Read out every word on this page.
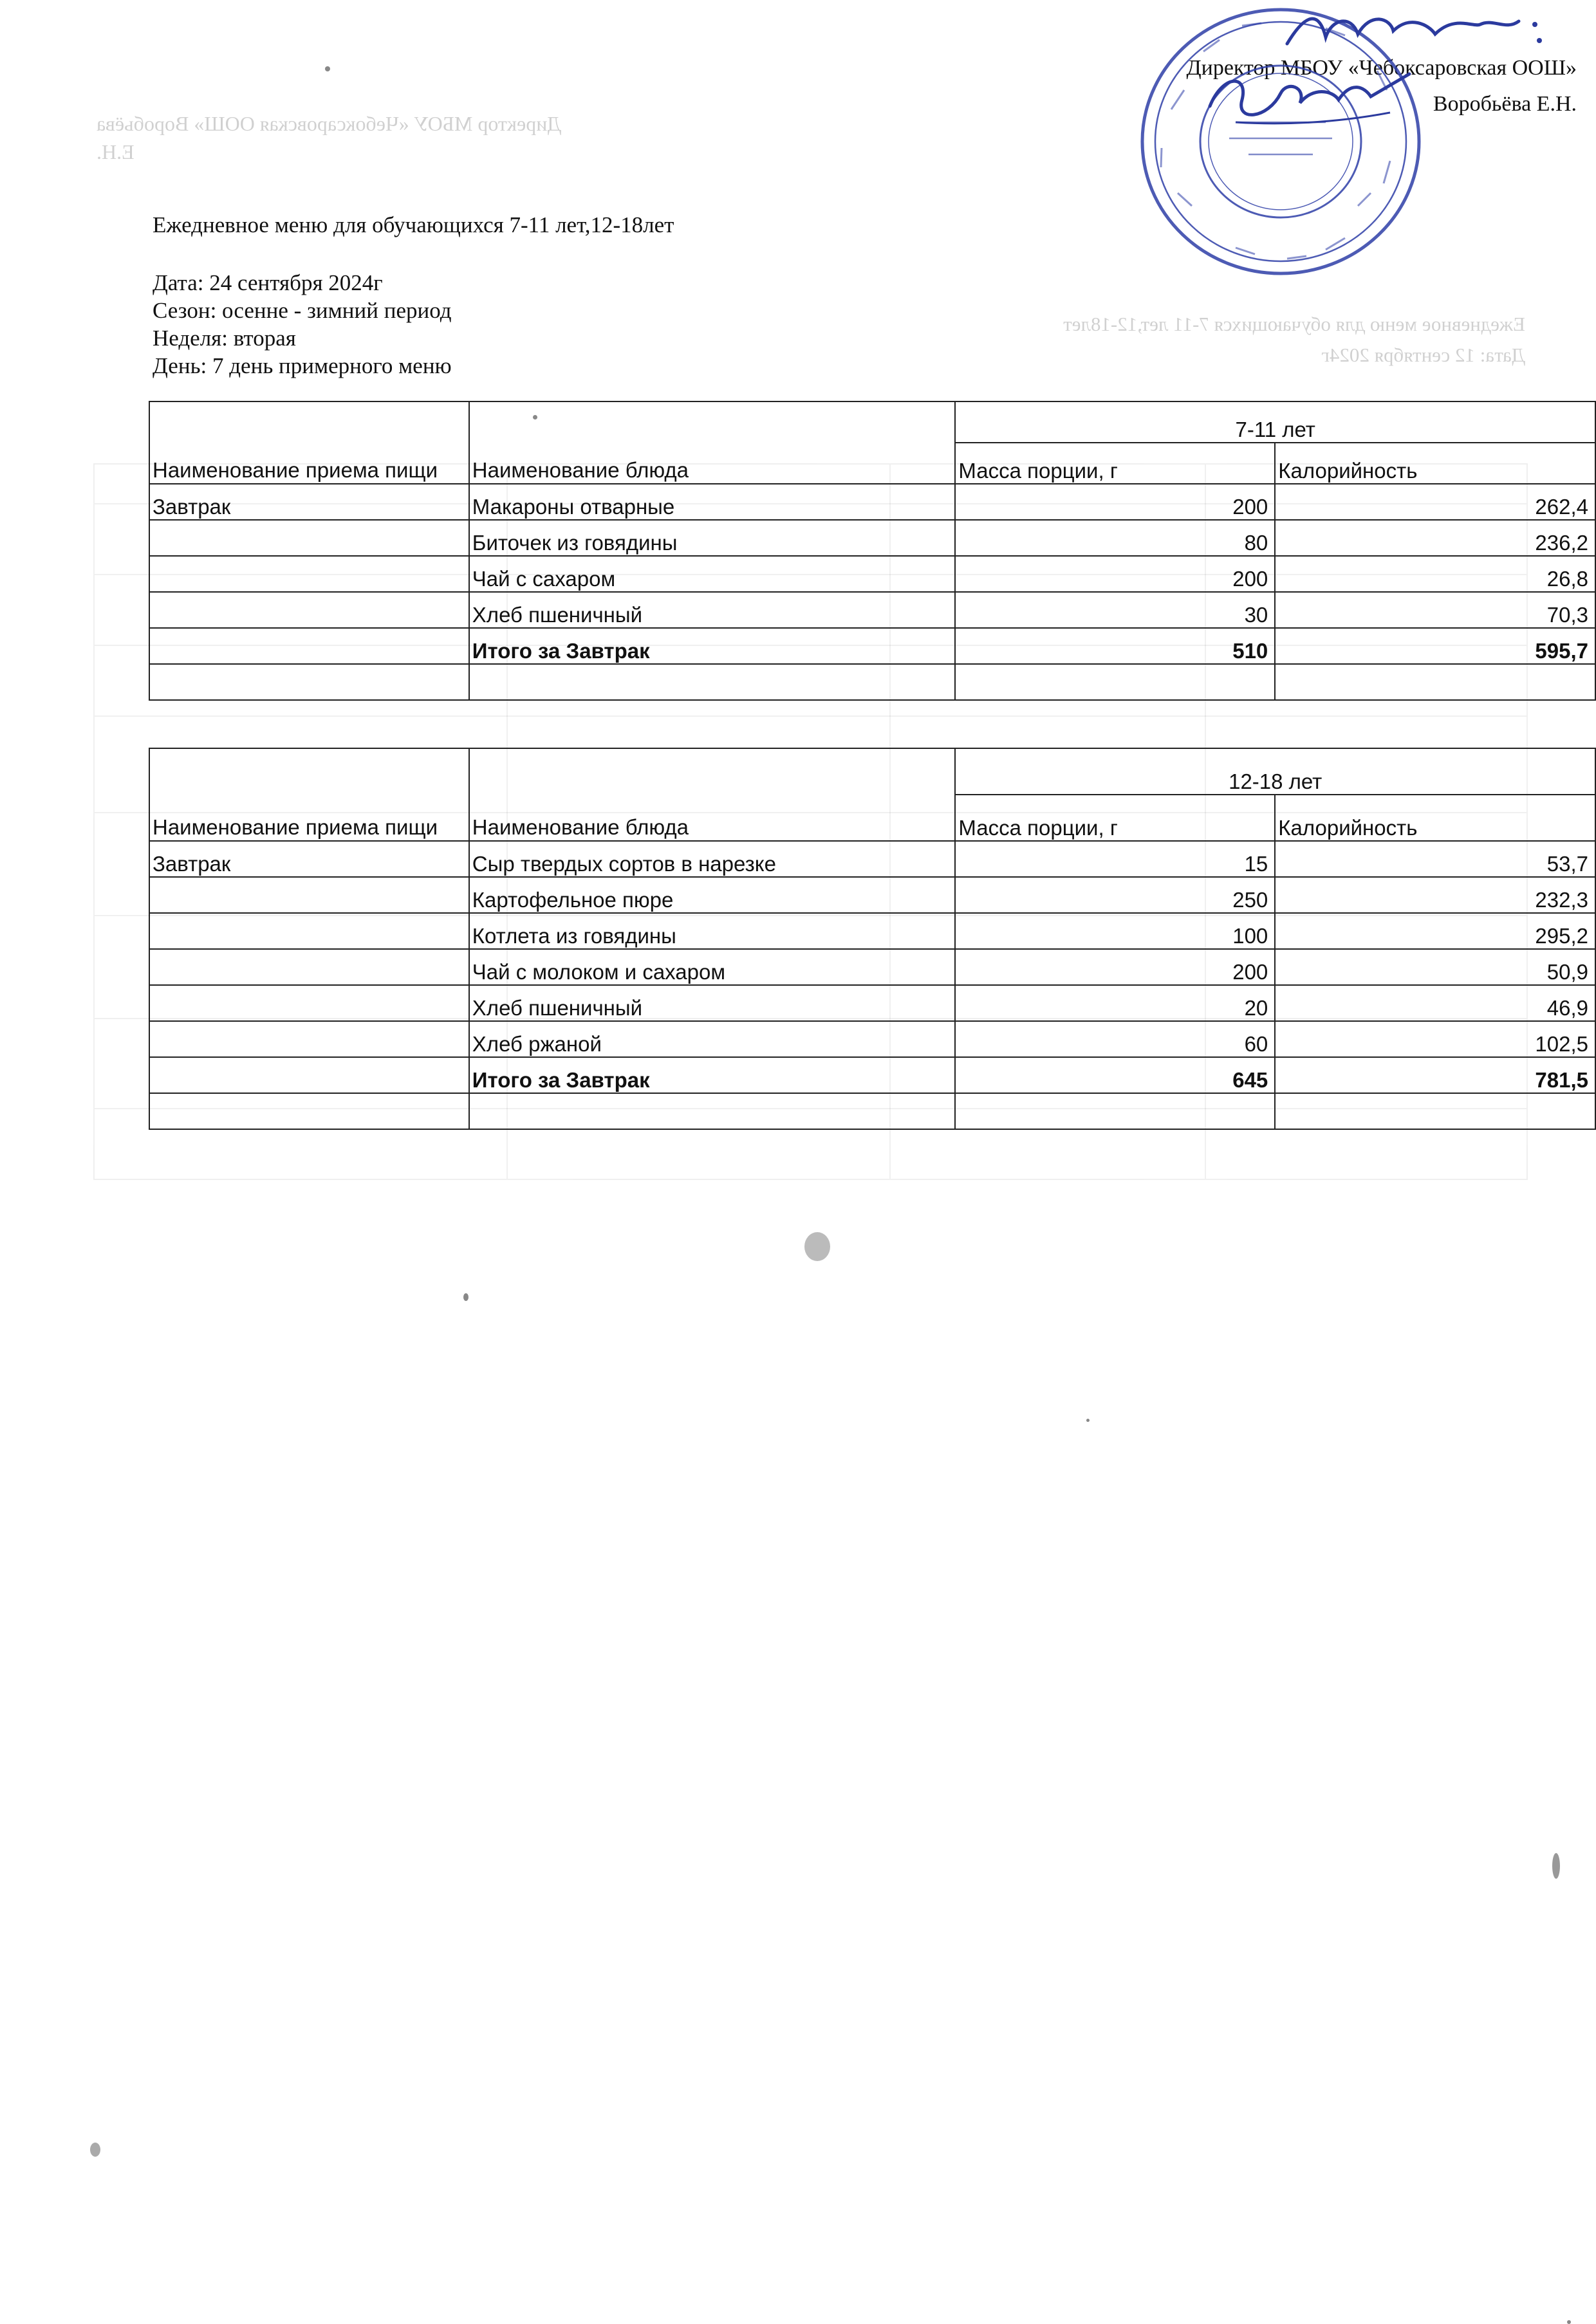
Директор МБОУ «Чебоксаровская ООШ» Воробьёва Е.Н.
Ежедневное меню для обучающихся 7-11 лет,12-18лет
Дата: 12 сентября 2024г
Директор МБОУ «Чебоксаровская ООШ»
Воробьёва Е.Н.
Ежедневное меню для обучающихся 7-11 лет,12-18лет
Дата: 24 сентября 2024г
Сезон: осенне - зимний период
Неделя: вторая
День: 7 день примерного меню
Наименование приема пищи	Наименование блюда	7-11 лет	
		Масса порции, г	Калорийность
Завтрак	Макароны отварные	200	262,4
	Биточек из говядины	80	236,2
	Чай с сахаром	200	26,8
	Хлеб пшеничный	30	70,3
	Итого за Завтрак	510	595,7

Наименование приема пищи	Наименование блюда	12-18 лет	
		Масса порции, г	Калорийность
Завтрак	Сыр твердых сортов в нарезке	15	53,7
	Картофельное пюре	250	232,3
	Котлета из говядины	100	295,2
	Чай с молоком и сахаром	200	50,9
	Хлеб пшеничный	20	46,9
	Хлеб ржаной	60	102,5
	Итого за Завтрак	645	781,5
